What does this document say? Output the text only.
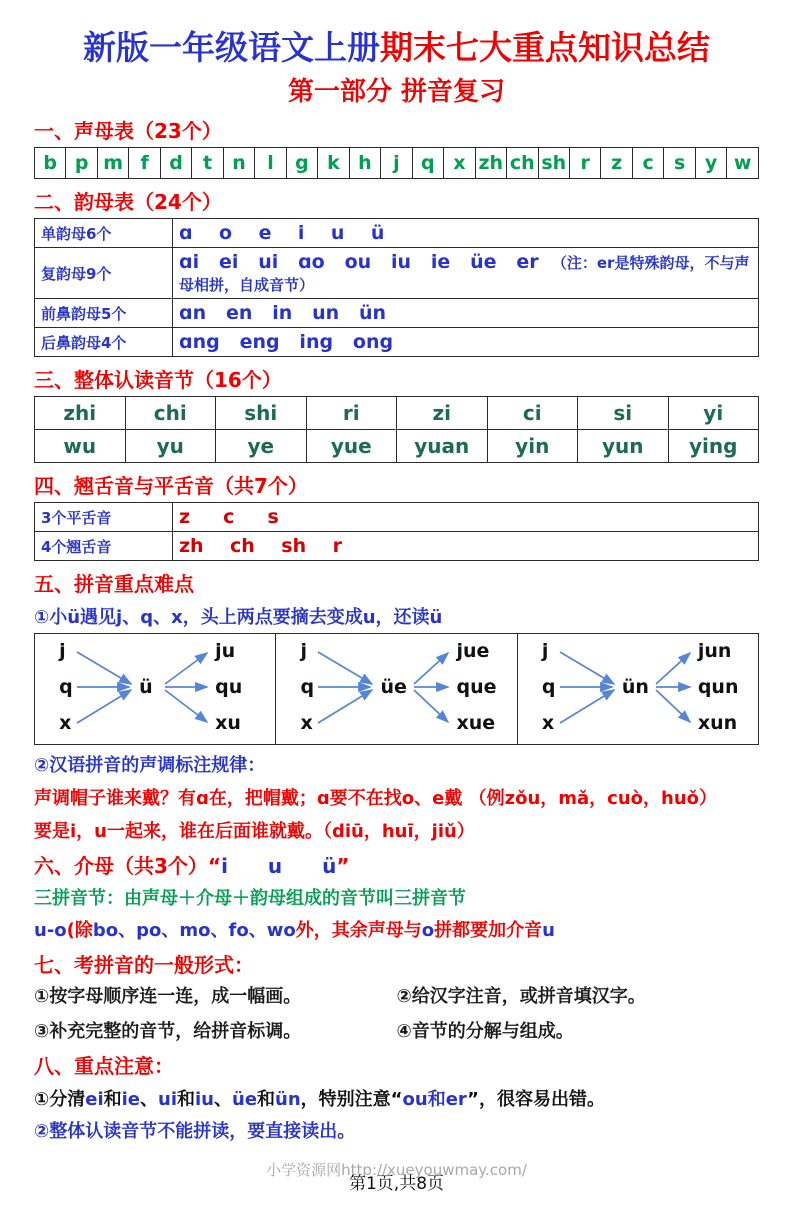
新版一年级语文上册期末七大重点知识总结
第一部分 拼音复习
一、声母表（23个）
b	p	m	f	d	t	n	l	g	k	h	j	q	x	zh	ch	sh	r	z	c	s	y	w
二、韵母表（24个）
单韵母6个	ɑ    o    e    i    u    ü
复韵母9个	ɑi   ei   ui   ɑo   ou   iu   ie   üe   er  （注：er是特殊韵母，不与声母相拼，自成音节）
前鼻韵母5个	ɑn   en   in   un   ün
后鼻韵母4个	ɑng   eng   ing   ong
三、整体认读音节（16个）
zhi	chi	shi	ri	zi	ci	si	yi
wu	yu	ye	yue	yuan	yin	yun	ying
四、翘舌音与平舌音（共7个）
3个平舌音	z     c     s
4个翘舌音	zh    ch    sh    r
五、拼音重点难点
①小ü遇见j、q、x，头上两点要摘去变成u，还读ü
j
q
x
ü
ju
qu
xu
j
q
x
üe
jue
que
xue
j
q
x
ün
jun
qun
xun
②汉语拼音的声调标注规律：
声调帽子谁来戴？有ɑ在，把帽戴；ɑ要不在找o、e戴 （例zǒu，mǎ，cuò，huǒ）
要是i，u一起来，谁在后面谁就戴。（diū，huī，jiǔ）
六、介母（共3个）“i　　u　　ü”
三拼音节：由声母＋介母＋韵母组成的音节叫三拼音节
u-o(除bo、po、mo、fo、wo外，其余声母与o拼都要加介音u
七、考拼音的一般形式：
①按字母顺序连一连，成一幅画。	②给汉字注音，或拼音填汉字。
③补充完整的音节，给拼音标调。	④音节的分解与组成。
八、重点注意：
①分清ei和ie、ui和iu、üe和ün，特别注意“ou和er”，很容易出错。
②整体认读音节不能拼读，要直接读出。
小学资源网http://xueyouwmay.com/
第1页,共8页
